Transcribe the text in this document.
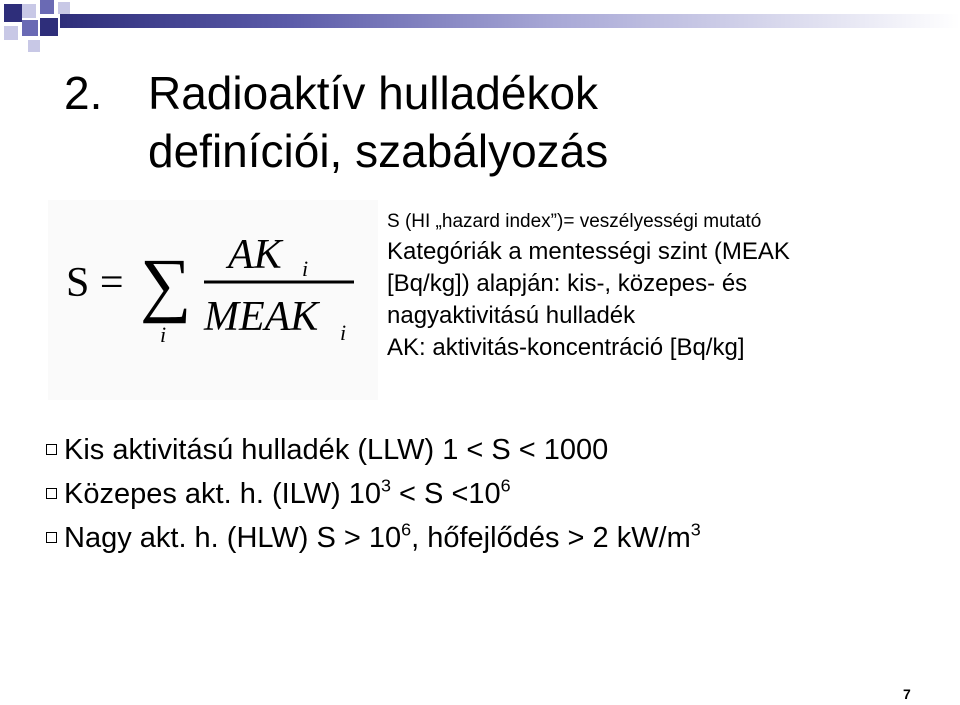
2. Radioaktív hulladékok
definíciói, szabályozás
S = ∑
i
AK i
MEAK i
S (HI „hazard index”)= veszélyességi mutató
Kategóriák a mentességi szint (MEAK
[Bq/kg]) alapján: kis-, közepes- és
nagyaktivitású hulladék
AK: aktivitás-koncentráció [Bq/kg]
Kis aktivitású hulladék (LLW) 1 < S < 1000
Közepes akt. h. (ILW) $10^3 < S <10^6$
Nagy akt. h. (HLW) $S > 10^6$, hőfejlődés > 2 $kW/m^3$
7
